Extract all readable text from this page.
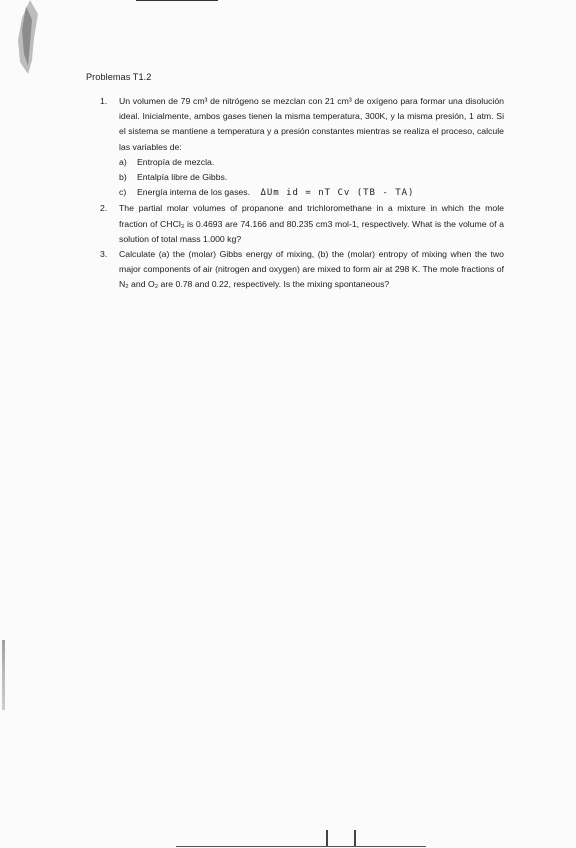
Problemas T1.2
1. Un volumen de 79 cm³ de nitrógeno se mezclan con 21 cm³ de oxígeno para formar una disolución ideal. Inicialmente, ambos gases tienen la misma temperatura, 300K, y la misma presión, 1 atm. Si el sistema se mantiene a temperatura y a presión constantes mientras se realiza el proceso, calcule las variables de:
a) Entropía de mezcla.
b) Entalpía libre de Gibbs.
c) Energía interna de los gases. ΔUm id = nT Cv (TB - TA)
2. The partial molar volumes of propanone and trichloromethane in a mixture in which the mole fraction of CHCl₃ is 0.4693 are 74.166 and 80.235 cm3 mol-1, respectively. What is the volume of a solution of total mass 1.000 kg?
3. Calculate (a) the (molar) Gibbs energy of mixing, (b) the (molar) entropy of mixing when the two major components of air (nitrogen and oxygen) are mixed to form air at 298 K. The mole fractions of N₂ and O₂ are 0.78 and 0.22, respectively. Is the mixing spontaneous?
